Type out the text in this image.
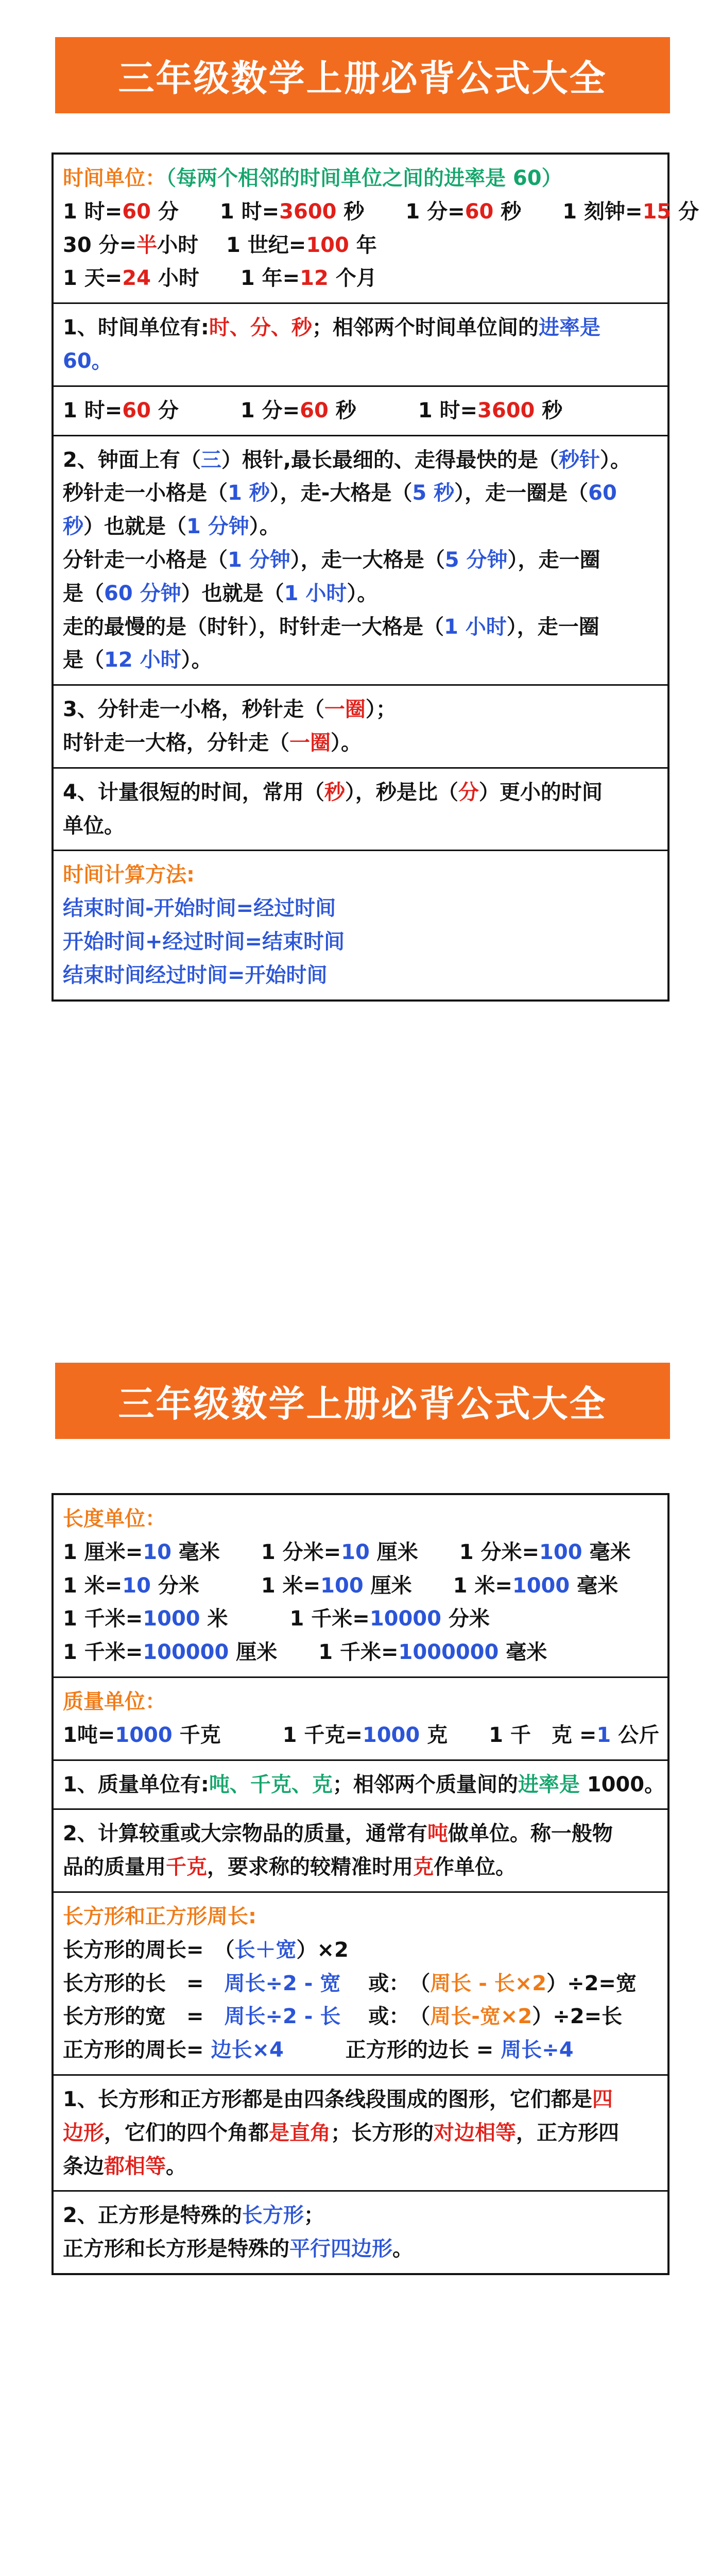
三年级数学上册必背公式大全
时间单位：（每两个相邻的时间单位之间的进率是 60）
1 时=60 分　　1 时=3600 秒　　1 分=60 秒　　1 刻钟=15 分
30 分=半小时　 1 世纪=100 年
1 天=24 小时　　1 年=12 个月
1、时间单位有:时、分、秒；相邻两个时间单位间的进率是
60。
1 时=60 分　　　1 分=60 秒　　　1 时=3600 秒
2、钟面上有（三）根针,最长最细的、走得最快的是（秒针）。
秒针走一小格是（1 秒），走-大格是（5 秒），走一圈是（60
秒）也就是（1 分钟）。
分针走一小格是（1 分钟），走一大格是（5 分钟），走一圈
是（60 分钟）也就是（1 小时）。
走的最慢的是（时针），时针走一大格是（1 小时），走一圈
是（12 小时）。
3、分针走一小格，秒针走（一圈）；
时针走一大格，分针走（一圈）。
4、计量很短的时间，常用（秒），秒是比（分）更小的时间
单位。
时间计算方法:
结束时间-开始时间=经过时间
开始时间+经过时间=结束时间
结束时间经过时间=开始时间
三年级数学上册必背公式大全
长度单位：
1 厘米=10 毫米　　1 分米=10 厘米　　1 分米=100 毫米
1 米=10 分米　　　1 米=100 厘米　　1 米=1000 毫米
1 千米=1000 米　　　1 千米=10000 分米
1 千米=100000 厘米　　1 千米=1000000 毫米
质量单位：
1吨=1000 千克　　　1 千克=1000 克　　1 千　克 =1 公斤
1、质量单位有:吨、千克、克；相邻两个质量间的进率是 1000。
2、计算较重或大宗物品的质量，通常有吨做单位。称一般物
品的质量用千克，要求称的较精准时用克作单位。
长方形和正方形周长:
长方形的周长=　（长＋宽）×2
长方形的长　=　周长÷2 - 宽　 或：　（周长 - 长×2）÷2=宽
长方形的宽　=　周长÷2 - 长　 或：　（周长-宽×2）÷2=长
正方形的周长= 边长×4　　　正方形的边长 = 周长÷4
1、长方形和正方形都是由四条线段围成的图形，它们都是四
边形，它们的四个角都是直角；长方形的对边相等，正方形四
条边都相等。
2、正方形是特殊的长方形；
正方形和长方形是特殊的平行四边形。
